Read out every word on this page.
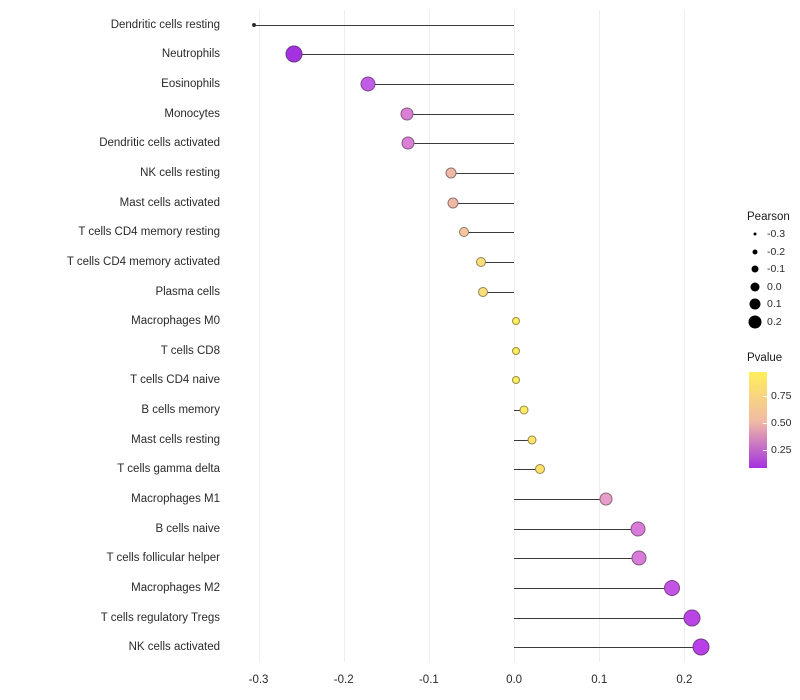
-0.3	-0.2	-0.1	0.0	0.1	0.2
Dendritic cells resting
Neutrophils
Eosinophils
Monocytes
Dendritic cells activated
NK cells resting
Mast cells activated
T cells CD4 memory resting
T cells CD4 memory activated
Plasma cells
Macrophages M0
T cells CD8
T cells CD4 naive
B cells memory
Mast cells resting
T cells gamma delta
Macrophages M1
B cells naive
T cells follicular helper
Macrophages M2
T cells regulatory Tregs
NK cells activated
Pearson
-0.3
-0.2
-0.1
0.0
0.1
0.2
Pvalue
0.75
0.50
0.25
